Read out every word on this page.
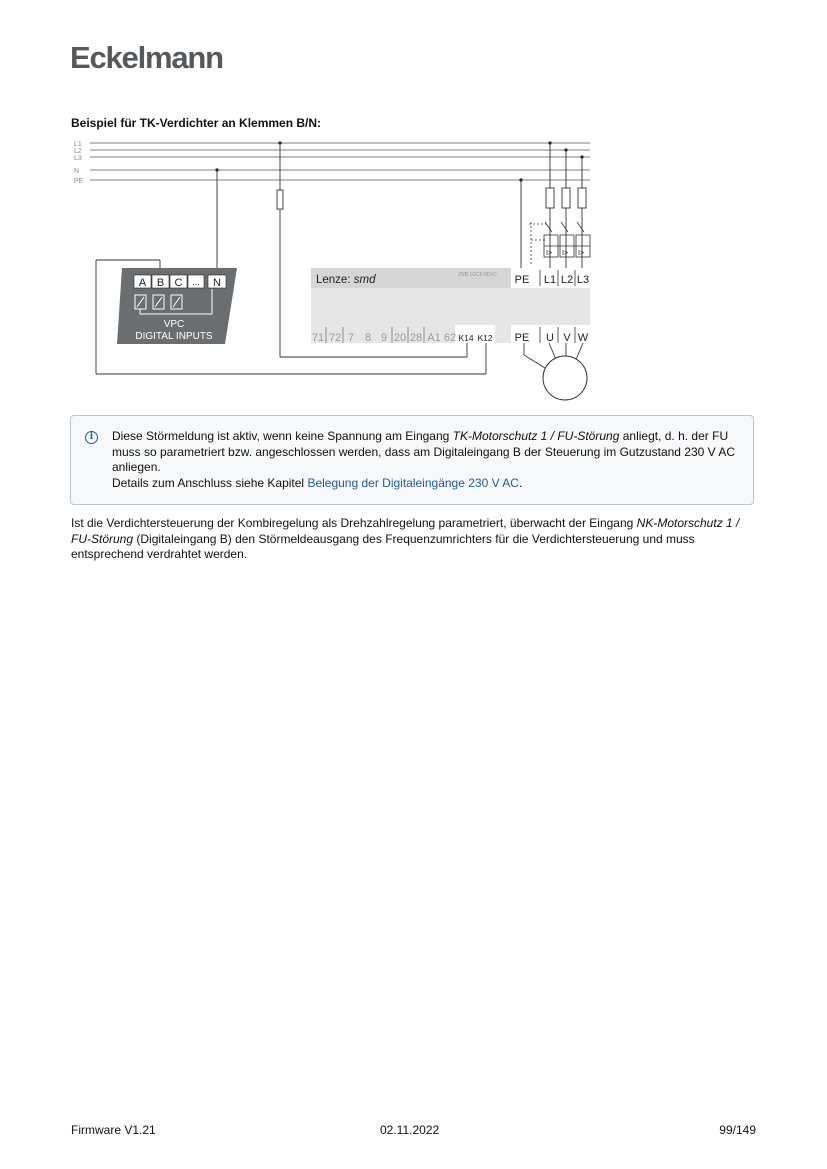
Eckelmann
Beispiel für TK-Verdichter an Klemmen B/N:
L1
L2
L3
N
PE
I> I> I>
A B C ... N
VPC
DIGITAL INPUTS
Lenze: smd	ZNB 1GC5-0D1C PE L1 L2 L3
71 72 7 8 9 20 28 A1 62 K14 K12 PE U V W
i	Diese Störmeldung ist aktiv, wenn keine Spannung am Eingang TK-Motorschutz 1 / FU-Störung anliegt, d. h. der FU muss so parametriert bzw. angeschlossen werden, dass am Digitaleingang B der Steuerung im Gutzustand 230 V AC anliegen.
Details zum Anschluss siehe Kapitel Belegung der Digitaleingänge 230 V AC.
Ist die Verdichtersteuerung der Kombiregelung als Drehzahlregelung parametriert, überwacht der Eingang NK-Motorschutz 1 / FU-Störung (Digitaleingang B) den Störmeldeausgang des Frequenzumrichters für die Verdichtersteuerung und muss entsprechend verdrahtet werden.
Firmware V1.21	02.11.2022	99/149
